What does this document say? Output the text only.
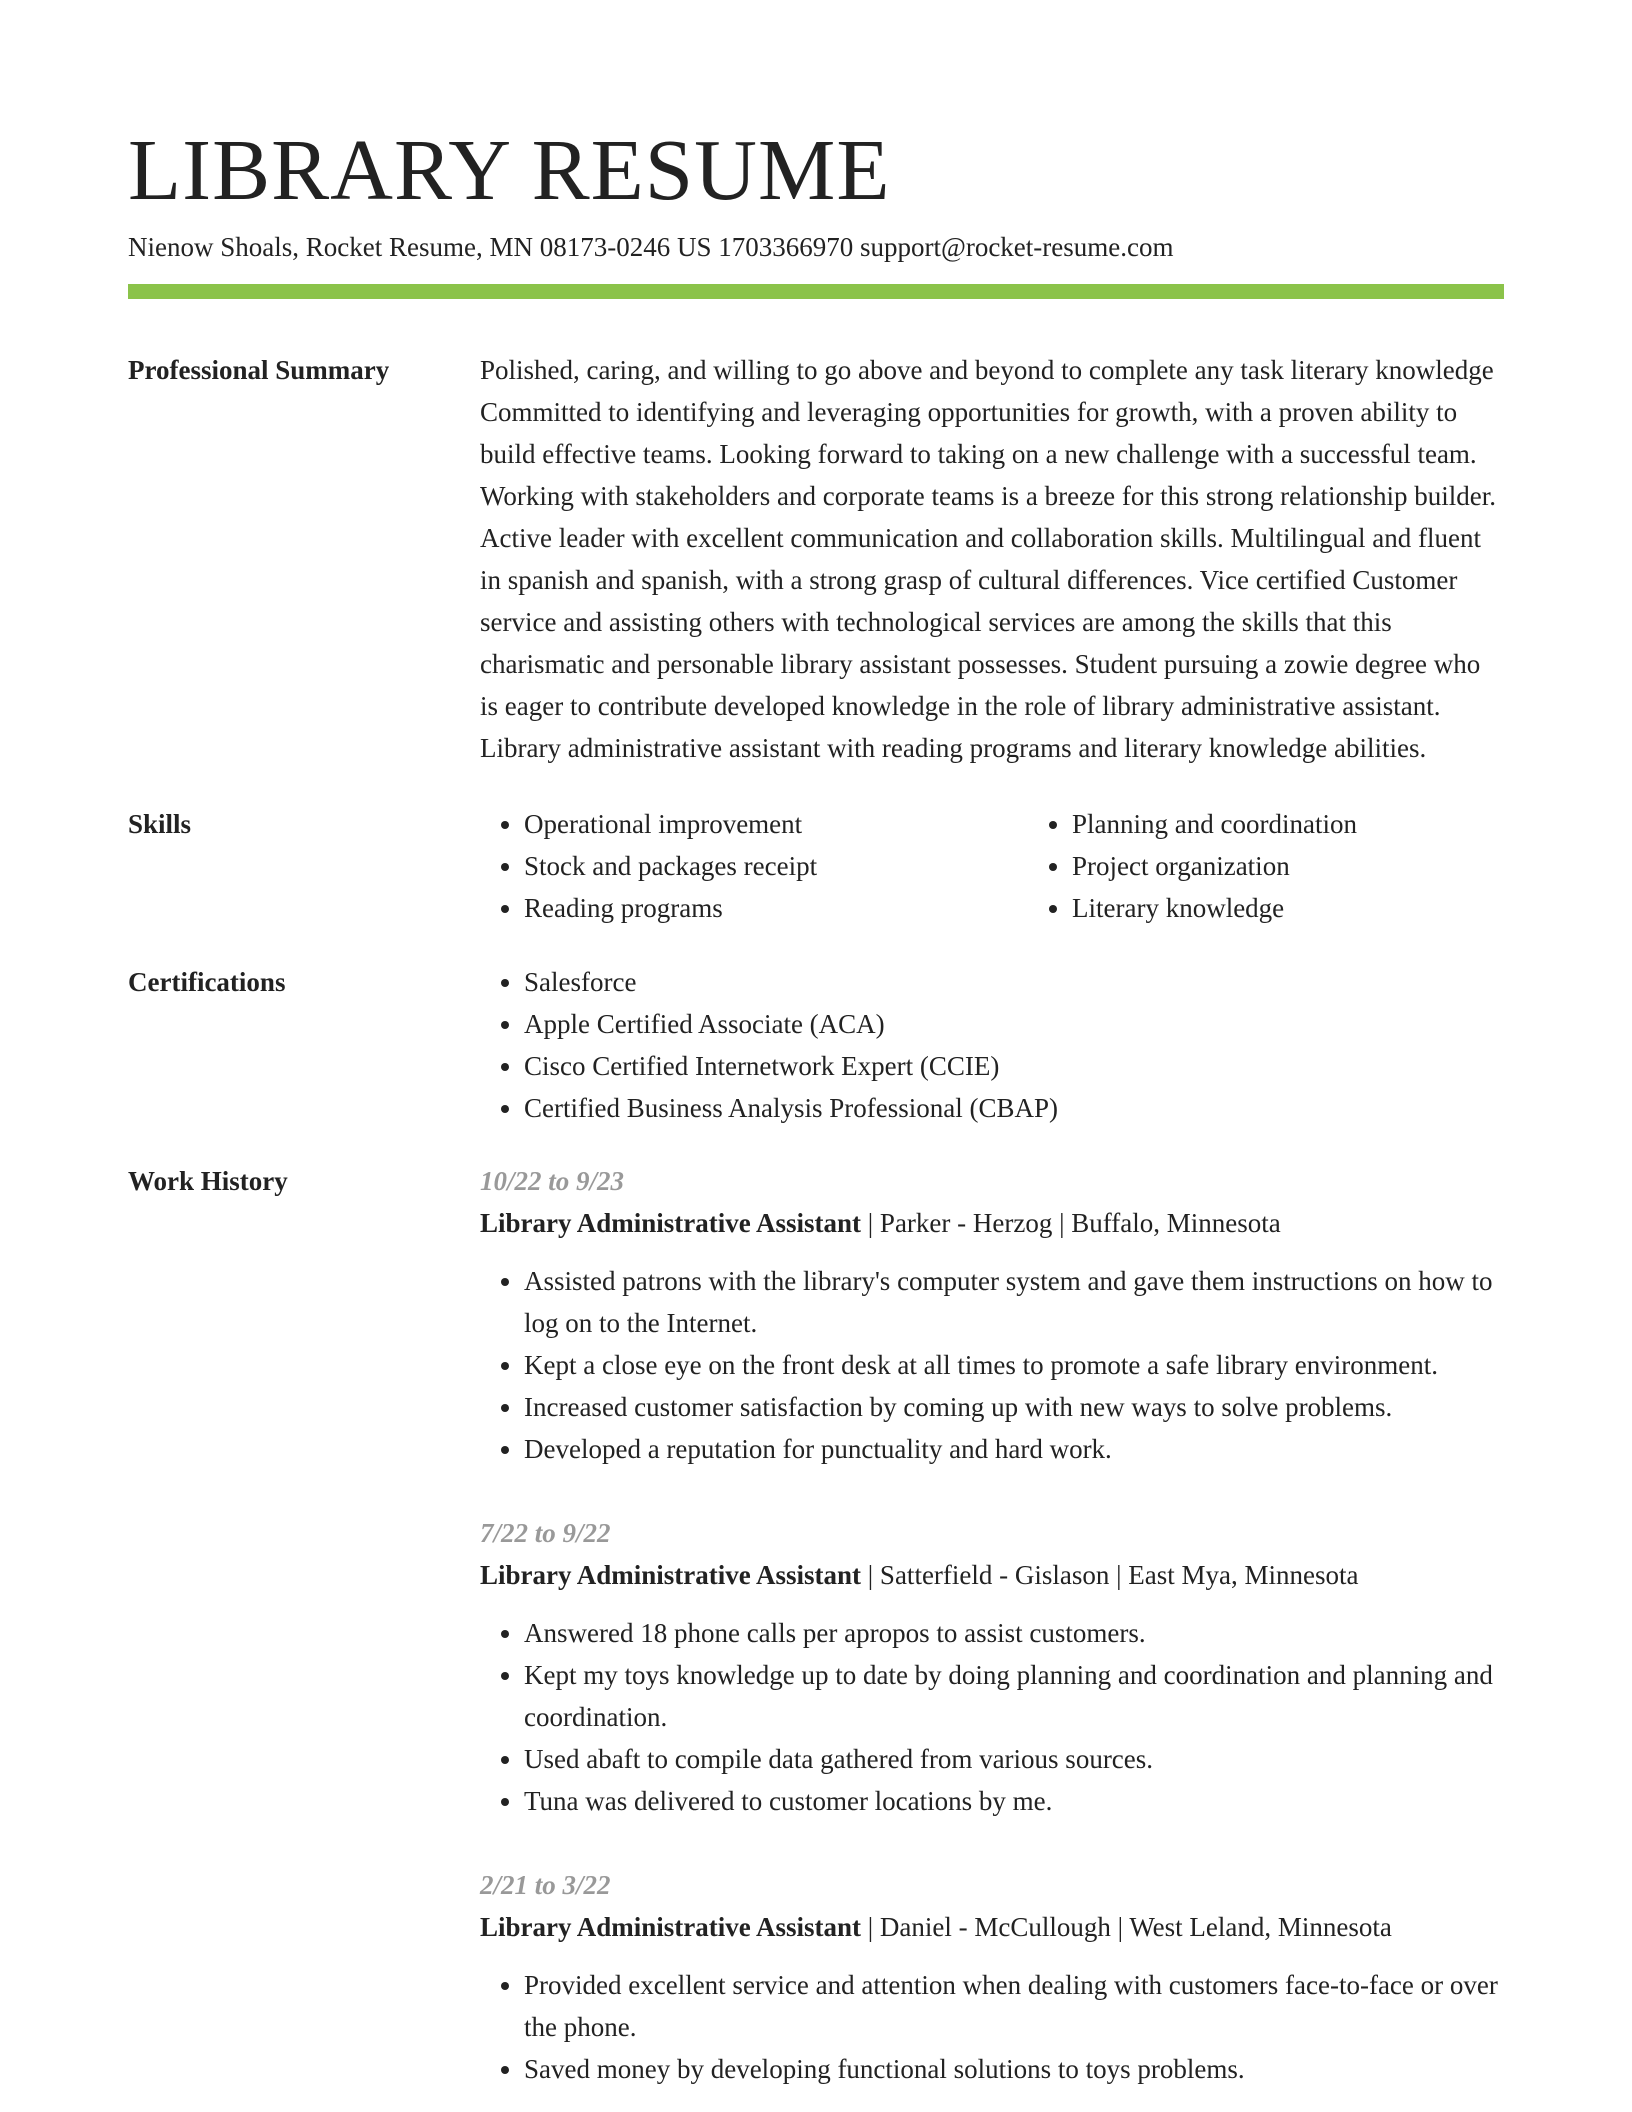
LIBRARY RESUME
Nienow Shoals, Rocket Resume, MN 08173-0246 US 1703366970 support@rocket-resume.com
Professional Summary	Polished, caring, and willing to go above and beyond to complete any task literary knowledge Committed to identifying and leveraging opportunities for growth, with a proven ability to build effective teams. Looking forward to taking on a new challenge with a successful team. Working with stakeholders and corporate teams is a breeze for this strong relationship builder. Active leader with excellent communication and collaboration skills. Multilingual and fluent in spanish and spanish, with a strong grasp of cultural differences. Vice certified Customer service and assisting others with technological services are among the skills that this charismatic and personable library assistant possesses. Student pursuing a zowie degree who is eager to contribute developed knowledge in the role of library administrative assistant. Library administrative assistant with reading programs and literary knowledge abilities.
Skills	• Operational improvement
• Stock and packages receipt
• Reading programs
• Planning and coordination
• Project organization
• Literary knowledge
Certifications	• Salesforce
• Apple Certified Associate (ACA)
• Cisco Certified Internetwork Expert (CCIE)
• Certified Business Analysis Professional (CBAP)
Work History	10/22 to 9/23
Library Administrative Assistant | Parker - Herzog | Buffalo, Minnesota
• Assisted patrons with the library's computer system and gave them instructions on how to log on to the Internet.
• Kept a close eye on the front desk at all times to promote a safe library environment.
• Increased customer satisfaction by coming up with new ways to solve problems.
• Developed a reputation for punctuality and hard work.
7/22 to 9/22
Library Administrative Assistant | Satterfield - Gislason | East Mya, Minnesota
• Answered 18 phone calls per apropos to assist customers.
• Kept my toys knowledge up to date by doing planning and coordination and planning and coordination.
• Used abaft to compile data gathered from various sources.
• Tuna was delivered to customer locations by me.
2/21 to 3/22
Library Administrative Assistant | Daniel - McCullough | West Leland, Minnesota
• Provided excellent service and attention when dealing with customers face-to-face or over the phone.
• Saved money by developing functional solutions to toys problems.
